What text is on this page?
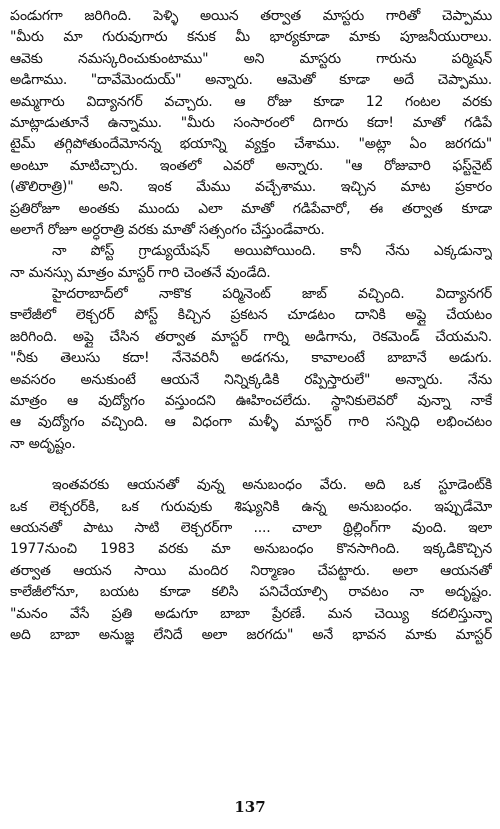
పండుగగా జరిగింది. పెళ్ళి అయిన తర్వాత మాస్టరు గారితో చెప్పాము
"మీరు మా గురువుగారు కనుక మీ భార్యకూడా మాకు పూజనీయురాలు.
ఆవెకు నమస్కరించుకుంటాము" అని మాస్టరు గారును పర్మిషన్
అడిగాము. "దావేమెందుయ్" అన్నారు. ఆమెతో కూడా అదే చెప్పాము.
అమ్మగారు విద్యానగర్ వచ్చారు. ఆ రోజు కూడా 12 గంటల వరకు
మాట్లాడుతూనే ఉన్నాము. "మీరు సంసారంలో దిగారు కదా! మాతో గడిపే
టైమ్ తగ్గిపోతుందేమోనన్న భయాన్ని వ్యక్తం చేశాము. "అట్లా ఏం జరగదు"
అంటూ మాటిచ్చారు. ఇంతలో ఎవరో అన్నారు. "ఆ రోజువారి ఫస్ట్‌నైట్
(తొలిరాత్రి)" అని. ఇంక మేము వచ్చేశాము. ఇచ్చిన మాట ప్రకారం
ప్రతిరోజూ అంతకు ముందు ఎలా మాతో గడిపేవారో, ఈ తర్వాత కూడా
అలాగే రోజూ అర్ధరాత్రి వరకు మాతో సత్సంగం చేస్తుండేవారు.
నా పోస్ట్ గ్రాడ్యుయేషన్ అయిపోయింది. కానీ నేను ఎక్కడున్నా
నా మనస్సు మాత్రం మాస్టర్ గారి చెంతనే వుండేది.
హైదరాబాద్‌లో నాకొక పర్మినెంట్ జాబ్ వచ్చింది. విద్యానగర్
కాలేజీలో లెక్చరర్ పోస్ట్ కిచ్చిన ప్రకటన చూడటం దానికి అప్లై చేయటం
జరిగింది. అప్లై చేసిన తర్వాత మాస్టర్ గార్ని అడిగాను, రెకమెండ్ చేయమని.
"నీకు తెలుసు కదా! నేనెవరినీ అడగను, కావాలంటే బాబానే అడుగు.
అవసరం అనుకుంటే ఆయనే నిన్నిక్కడికి రప్పిస్తారులే" అన్నారు. నేను
మాత్రం ఆ వుద్యోగం వస్తుందని ఊహించలేదు. స్థానికులెవరో వున్నా నాకే
ఆ వుద్యోగం వచ్చింది. ఆ విధంగా మళ్ళీ మాస్టర్ గారి సన్నిధి లభించటం
నా అదృష్టం.
ఇంతవరకు ఆయనతో వున్న అనుబంధం వేరు. అది ఒక స్టూడెంట్‌కి
ఒక లెక్చరర్‌కి, ఒక గురువుకు శిష్యునికి ఉన్న అనుబంధం. ఇప్పుడేమో
ఆయనతో పాటు సాటి లెక్చరర్‌గా .... చాలా థ్రిల్లింగ్‌గా వుంది. ఇలా
1977నుంచి 1983 వరకు మా అనుబంధం కొనసాగింది. ఇక్కడికొచ్చిన
తర్వాత ఆయన సాయి మందిర నిర్మాణం చేపట్టారు. అలా ఆయనతో
కాలేజీలోనూ, బయట కూడా కలిసి పనిచేయాల్సి రావటం నా అదృష్టం.
"మనం వేసే ప్రతి అడుగూ బాబా ప్రేరణే. మన చెయ్యి కదలిస్తున్నా
అది బాబా అనుజ్ఞ లేనిదే అలా జరగదు" అనే భావన మాకు మాస్టర్
137
